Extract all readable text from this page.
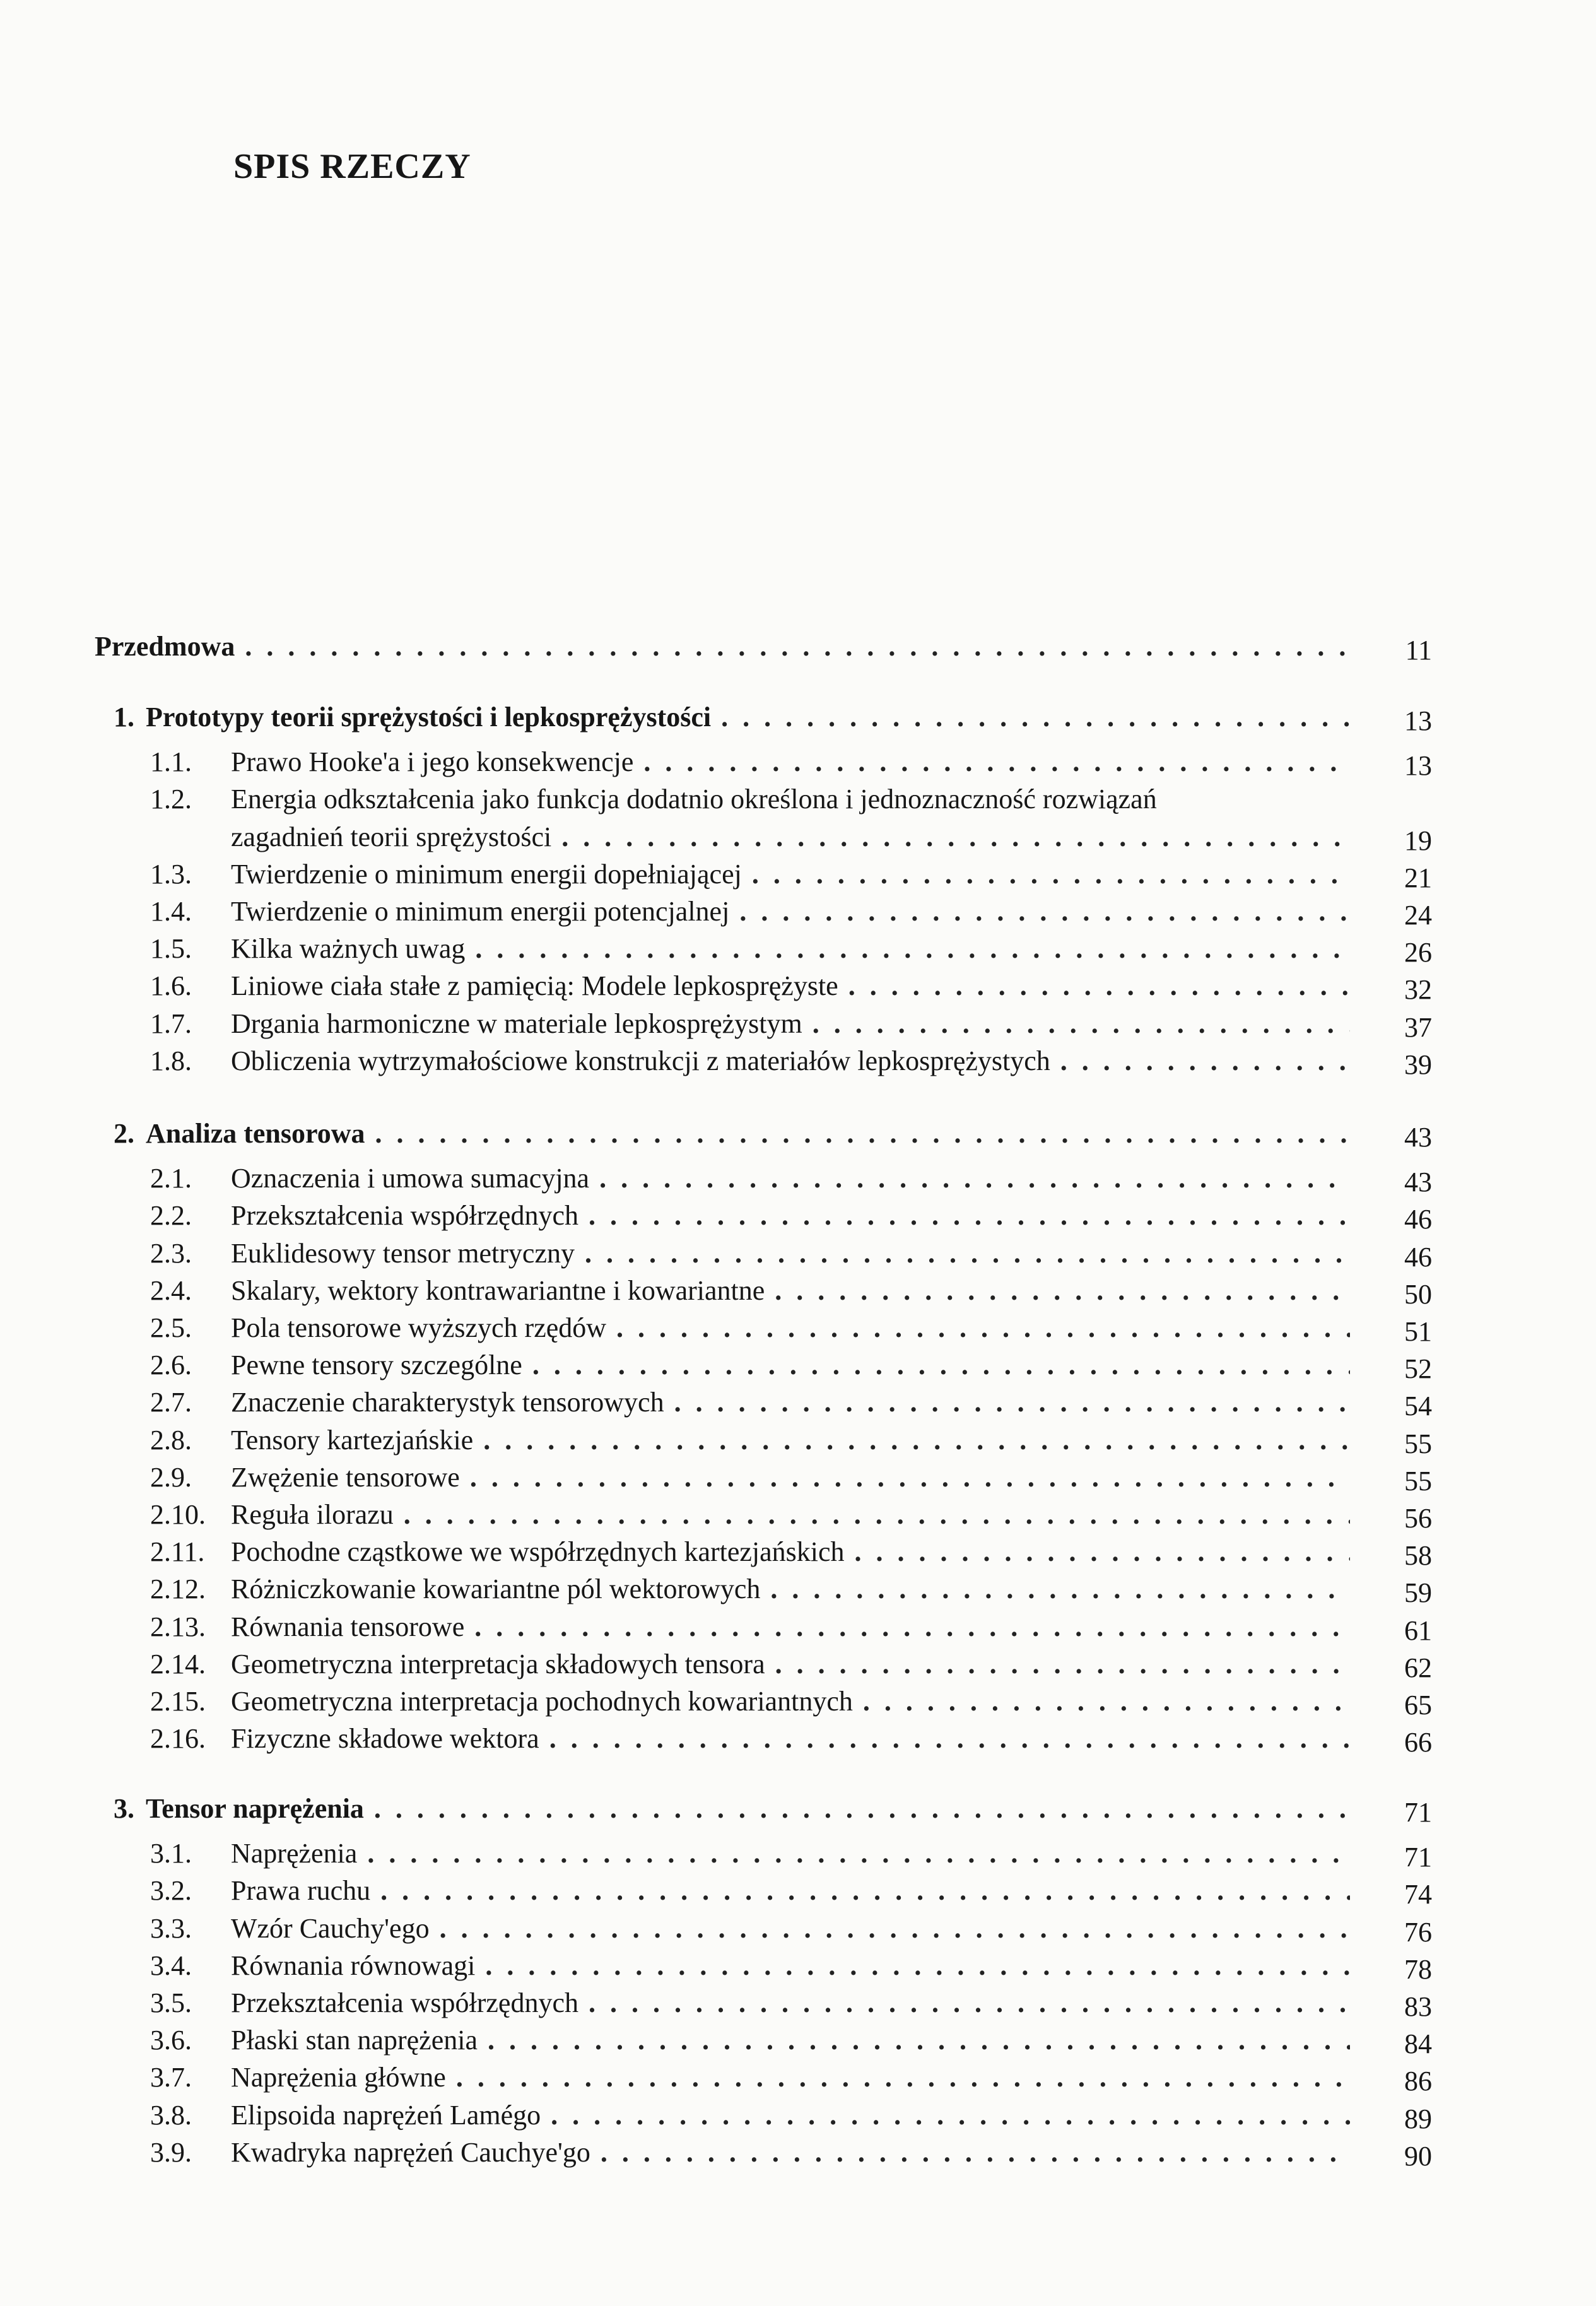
SPIS RZECZY
Przedmowa . . .	11
1. Prototypy teorii sprężystości i lepkosprężystości . . .	13
1.1.	Prawo Hooke'a i jego konsekwencje . . .	13
1.2.	Energia odkształcenia jako funkcja dodatnio określona i jednoznaczność rozwiązań
zagadnień teorii sprężystości . . .	19
1.3.	Twierdzenie o minimum energii dopełniającej . . .	21
1.4.	Twierdzenie o minimum energii potencjalnej . . .	24
1.5.	Kilka ważnych uwag . . .	26
1.6.	Liniowe ciała stałe z pamięcią: Modele lepkosprężyste . . .	32
1.7.	Drgania harmoniczne w materiale lepkosprężystym . . .	37
1.8.	Obliczenia wytrzymałościowe konstrukcji z materiałów lepkosprężystych . . .	39
2. Analiza tensorowa . . .	43
2.1.	Oznaczenia i umowa sumacyjna . . .	43
2.2.	Przekształcenia współrzędnych . . .	46
2.3.	Euklidesowy tensor metryczny . . .	46
2.4.	Skalary, wektory kontrawariantne i kowariantne . . .	50
2.5.	Pola tensorowe wyższych rzędów . . .	51
2.6.	Pewne tensory szczególne . . .	52
2.7.	Znaczenie charakterystyk tensorowych . . .	54
2.8.	Tensory kartezjańskie . . .	55
2.9.	Zwężenie tensorowe . . .	55
2.10. Reguła ilorazu . . .	56
2.11. Pochodne cząstkowe we współrzędnych kartezjańskich . . .	58
2.12. Różniczkowanie kowariantne pól wektorowych . . .	59
2.13. Równania tensorowe . . .	61
2.14. Geometryczna interpretacja składowych tensora . . .	62
2.15. Geometryczna interpretacja pochodnych kowariantnych . . .	65
2.16. Fizyczne składowe wektora . . .	66
3. Tensor naprężenia . . .	71
3.1.	Naprężenia . . .	71
3.2.	Prawa ruchu . . .	74
3.3.	Wzór Cauchy'ego . . .	76
3.4.	Równania równowagi . . .	78
3.5.	Przekształcenia współrzędnych . . .	83
3.6.	Płaski stan naprężenia . . .	84
3.7.	Naprężenia główne . . .	86
3.8.	Elipsoida naprężeń Lamégo . . .	89
3.9.	Kwadryka naprężeń Cauchye'go . . .	90
